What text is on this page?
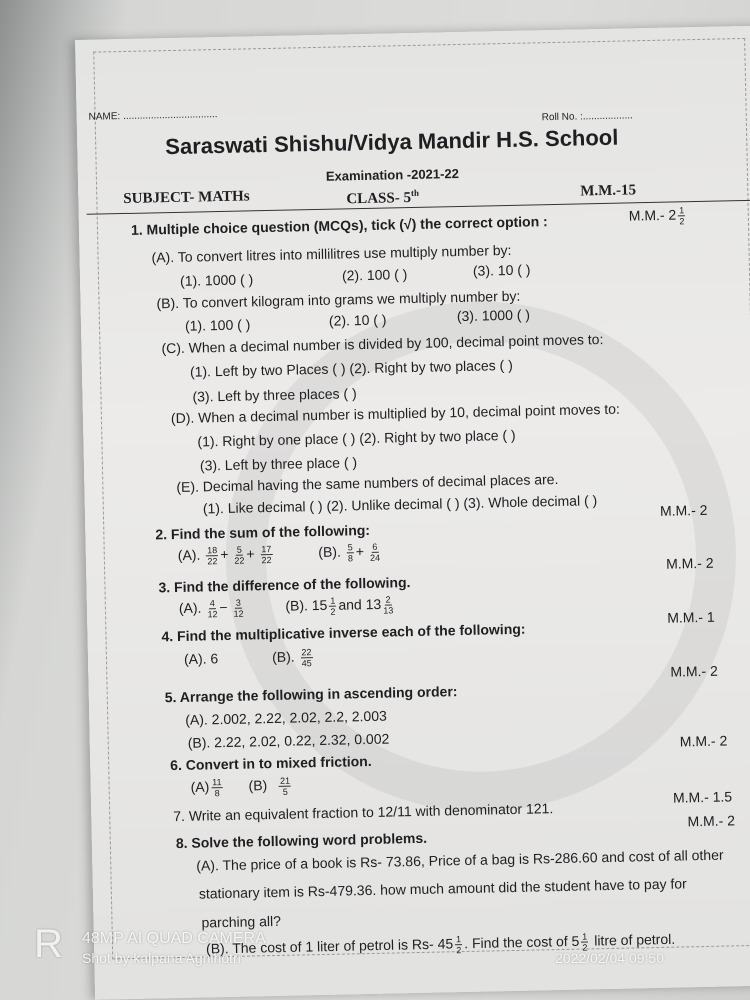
NAME: ..................................	Roll No. :..................
Saraswati Shishu/Vidya Mandir H.S. School
Examination -2021-22
SUBJECT- MATHs	CLASS- 5th	M.M.-15
1. Multiple choice question (MCQs), tick (√) the correct option :	M.M.- $2 \frac{1}{2}$
(A). To convert litres into millilitres use multiply number by:
(1). 1000 ( )	(2). 100 ( )	(3). 10 ( )
(B). To convert kilogram into grams we multiply number by:
(1). 100 ( )	(2). 10 ( )	(3). 1000 ( )
(C). When a decimal number is divided by 100, decimal point moves to:
(1). Left by two Places ( ) (2). Right by two places ( )
(3). Left by three places ( )
(D). When a decimal number is multiplied by 10, decimal point moves to:
(1). Right by one place ( ) (2). Right by two place ( )
(3). Left by three place ( )
(E). Decimal having the same numbers of decimal places are.
(1). Like decimal ( ) (2). Unlike decimal ( ) (3). Whole decimal ( )	M.M.- 2
2. Find the sum of the following:
(A). $\frac{18}{22} + \frac{5}{22} + \frac{17}{22}$	(B). $\frac{5}{8} + \frac{6}{24}$
M.M.- 2
3. Find the difference of the following.
(A). $\frac{4}{12} - \frac{3}{12}$	(B). $15 \frac{1}{2}$ and $13 \frac{2}{13}$
M.M.- 1
4. Find the multiplicative inverse each of the following:
(A). 6	(B). $\frac{22}{45}$
M.M.- 2
5. Arrange the following in ascending order:
(A). 2.002, 2.22, 2.02, 2.2, 2.003
(B). 2.22, 2.02, 0.22, 2.32, 0.002	M.M.- 2
6. Convert in to mixed friction.
$(A) \frac{11}{8} (B) \frac{21}{5}$
M.M.- 1.5
7. Write an equivalent fraction to 12/11 with denominator 121.	M.M.- 2
8. Solve the following word problems.
(A). The price of a book is Rs- 73.86, Price of a bag is Rs-286.60 and cost of all other
stationary item is Rs-479.36. how much amount did the student have to pay for
parching all?
(B). The cost of 1 liter of petrol is Rs- $45 \frac{1}{2}$ . Find the cost of $5 \frac{1}{2}$ litre of petrol.
R 48MP AI QUAD CAMERA
Shot by kalpana Agnihotri	2022/02/04 09:50
